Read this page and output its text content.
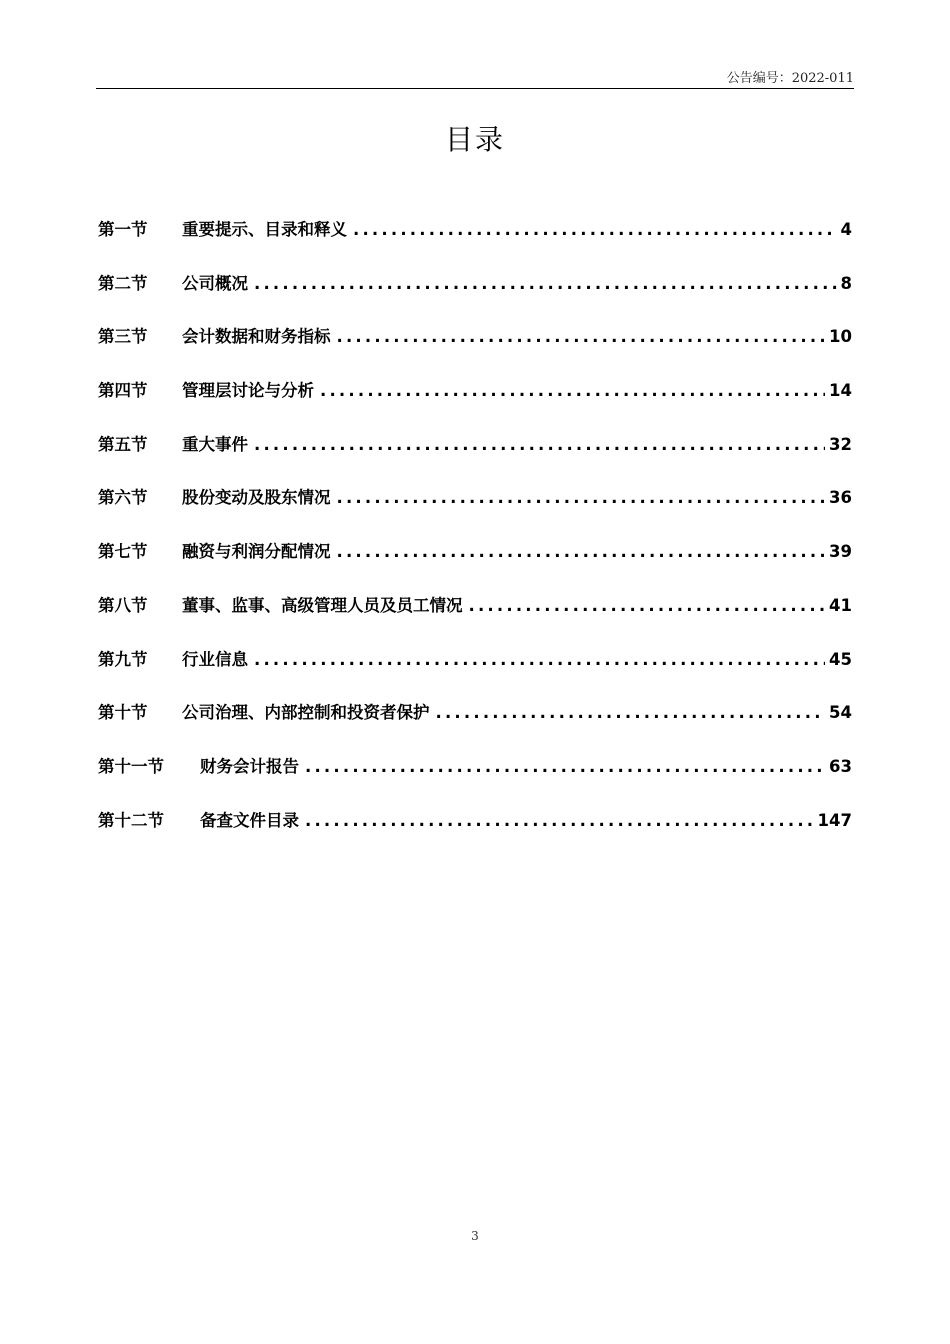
公告编号：2022-011
目录
第一节	重要提示、目录和释义 .....	4
第二节	公司概况 .....	8
第三节	会计数据和财务指标 .....	10
第四节	管理层讨论与分析 .....	14
第五节	重大事件 .....	32
第六节	股份变动及股东情况 .....	36
第七节	融资与利润分配情况 .....	39
第八节	董事、监事、高级管理人员及员工情况 .....	41
第九节	行业信息 .....	45
第十节	公司治理、内部控制和投资者保护 .....	54
第十一节	财务会计报告 .....	63
第十二节	备查文件目录 .....	147
3
